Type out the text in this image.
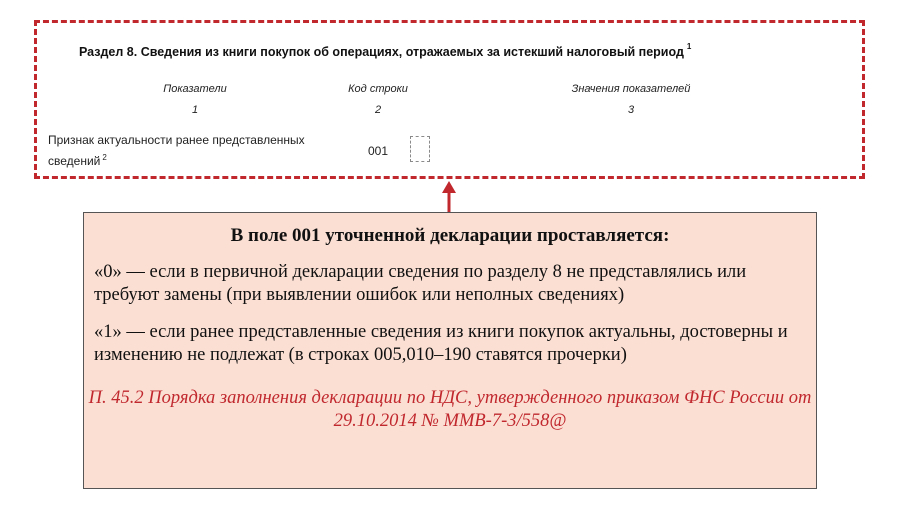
Раздел 8. Сведения из книги покупок об операциях, отражаемых за истекший налоговый период $^1$
Показатели	Код строки	Значения показателей
1	2	3
Признак актуальности ранее представленных сведений $^2$	001
В поле 001 уточненной декларации проставляется:
«0» — если в первичной декларации сведения по разделу 8 не представлялись или требуют замены (при выявлении ошибок или неполных сведениях)
«1» — если ранее представленные сведения из книги покупок актуальны, достоверны и изменению не подлежат (в строках 005,010–190 ставятся прочерки)
П. 45.2 Порядка заполнения декларации по НДС, утвержденного приказом ФНС России от 29.10.2014 № ММВ-7-3/558@
